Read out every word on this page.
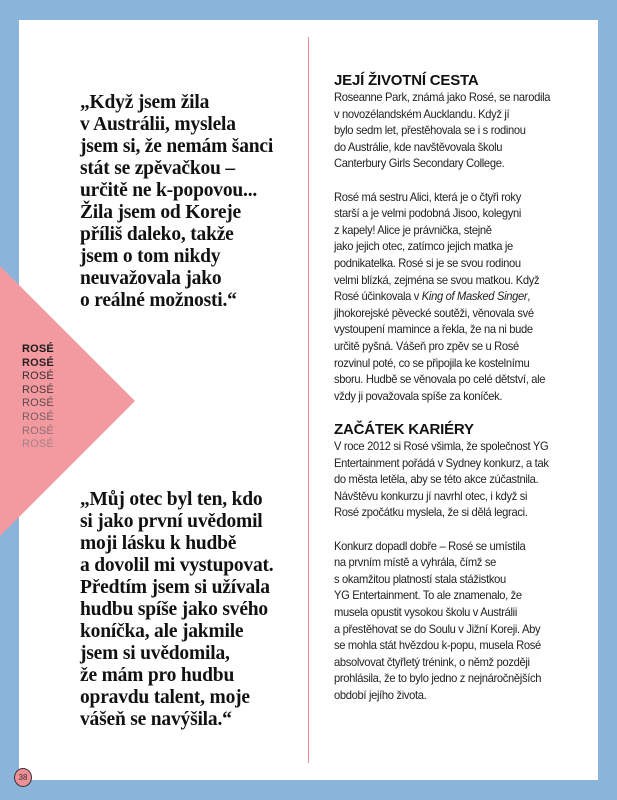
„Když jsem žila
v Austrálii, myslela
jsem si, že nemám šanci
stát se zpěvačkou –
určitě ne k-popovou...
Žila jsem od Koreje
příliš daleko, takže
jsem o tom nikdy
neuvažovala jako
o reálné možnosti.“

„Můj otec byl ten, kdo
si jako první uvědomil
moji lásku k hudbě
a dovolil mi vystupovat.
Předtím jsem si užívala
hudbu spíše jako svého
koníčka, ale jakmile
jsem si uvědomila,
že mám pro hudbu
opravdu talent, moje
vášeň se navýšila.“

ROSÉ
ROSÉ
ROSÉ
ROSÉ
ROSÉ
ROSÉ
ROSÉ
ROSÉ
JEJÍ ŽIVOTNÍ CESTA

Roseanne Park, známá jako Rosé, se narodila
v novozélandském Aucklandu. Když jí
bylo sedm let, přestěhovala se i s rodinou
do Austrálie, kde navštěvovala školu
Canterbury Girls Secondary College.

Rosé má sestru Alici, která je o čtyři roky
starší a je velmi podobná Jisoo, kolegyni
z kapely! Alice je právnička, stejně
jako jejich otec, zatímco jejich matka je
podnikatelka. Rosé si je se svou rodinou
velmi blízká, zejména se svou matkou. Když
Rosé účinkovala v King of Masked Singer,
jihokorejské pěvecké soutěži, věnovala své
vystoupení mamince a řekla, že na ni bude
určitě pyšná. Vášeň pro zpěv se u Rosé
rozvinul poté, co se připojila ke kostelnímu
sboru. Hudbě se věnovala po celé dětství, ale
vždy ji považovala spíše za koníček.

ZAČÁTEK KARIÉRY

V roce 2012 si Rosé všimla, že společnost YG
Entertainment pořádá v Sydney konkurz, a tak
do města letěla, aby se této akce zúčastnila.
Návštěvu konkurzu jí navrhl otec, i když si
Rosé zpočátku myslela, že si dělá legraci.

Konkurz dopadl dobře – Rosé se umístila
na prvním místě a vyhrála, čímž se
s okamžitou platností stala stážistkou
YG Entertainment. To ale znamenalo, že
musela opustit vysokou školu v Austrálii
a přestěhovat se do Soulu v Jižní Koreji. Aby
se mohla stát hvězdou k-popu, musela Rosé
absolvovat čtyřletý trénink, o němž později
prohlásila, že to bylo jedno z nejnáročnějších
období jejího života.

38
